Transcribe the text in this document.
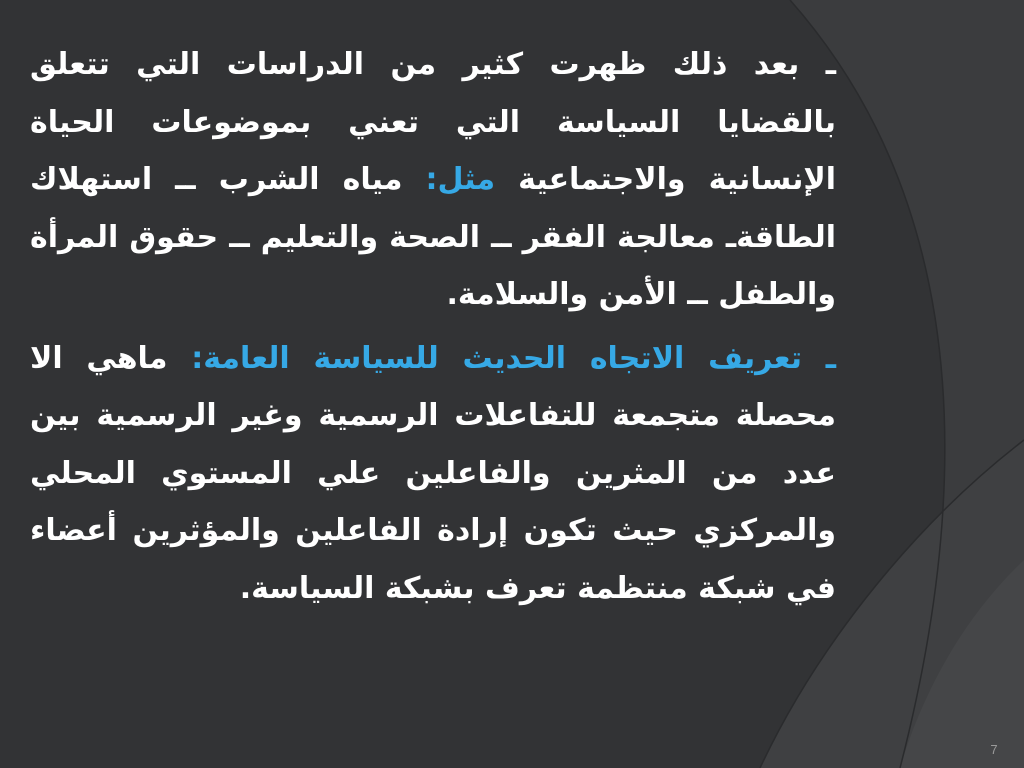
ـ بعد ذلك ظهرت كثير من الدراسات التي تتعلق بالقضايا السياسة التي تعني بموضوعات الحياة الإنسانية والاجتماعية مثل: مياه الشرب ــ استهلاك الطاقةـ معالجة الفقر ــ الصحة والتعليم ــ حقوق المرأة والطفل ــ الأمن والسلامة.

ـ تعريف الاتجاه الحديث للسياسة العامة: ماهي الا محصلة متجمعة للتفاعلات الرسمية وغير الرسمية بين عدد من المثرين والفاعلين علي المستوي المحلي والمركزي حيث تكون إرادة الفاعلين والمؤثرين أعضاء في شبكة منتظمة تعرف بشبكة السياسة.

7
